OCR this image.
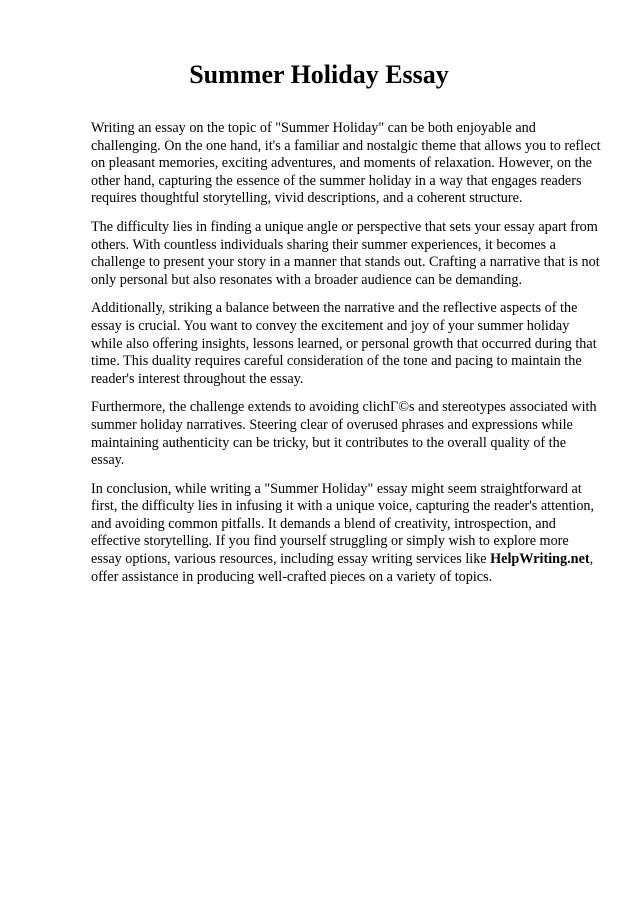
Summer Holiday Essay

Writing an essay on the topic of "Summer Holiday" can be both enjoyable and challenging. On the one hand, it's a familiar and nostalgic theme that allows you to reflect on pleasant memories, exciting adventures, and moments of relaxation. However, on the other hand, capturing the essence of the summer holiday in a way that engages readers requires thoughtful storytelling, vivid descriptions, and a coherent structure.

The difficulty lies in finding a unique angle or perspective that sets your essay apart from others. With countless individuals sharing their summer experiences, it becomes a challenge to present your story in a manner that stands out. Crafting a narrative that is not only personal but also resonates with a broader audience can be demanding.

Additionally, striking a balance between the narrative and the reflective aspects of the essay is crucial. You want to convey the excitement and joy of your summer holiday while also offering insights, lessons learned, or personal growth that occurred during that time. This duality requires careful consideration of the tone and pacing to maintain the reader's interest throughout the essay.

Furthermore, the challenge extends to avoiding clichΓ©s and stereotypes associated with summer holiday narratives. Steering clear of overused phrases and expressions while maintaining authenticity can be tricky, but it contributes to the overall quality of the essay.

In conclusion, while writing a "Summer Holiday" essay might seem straightforward at first, the difficulty lies in infusing it with a unique voice, capturing the reader's attention, and avoiding common pitfalls. It demands a blend of creativity, introspection, and effective storytelling. If you find yourself struggling or simply wish to explore more essay options, various resources, including essay writing services like HelpWriting.net, offer assistance in producing well-crafted pieces on a variety of topics.
